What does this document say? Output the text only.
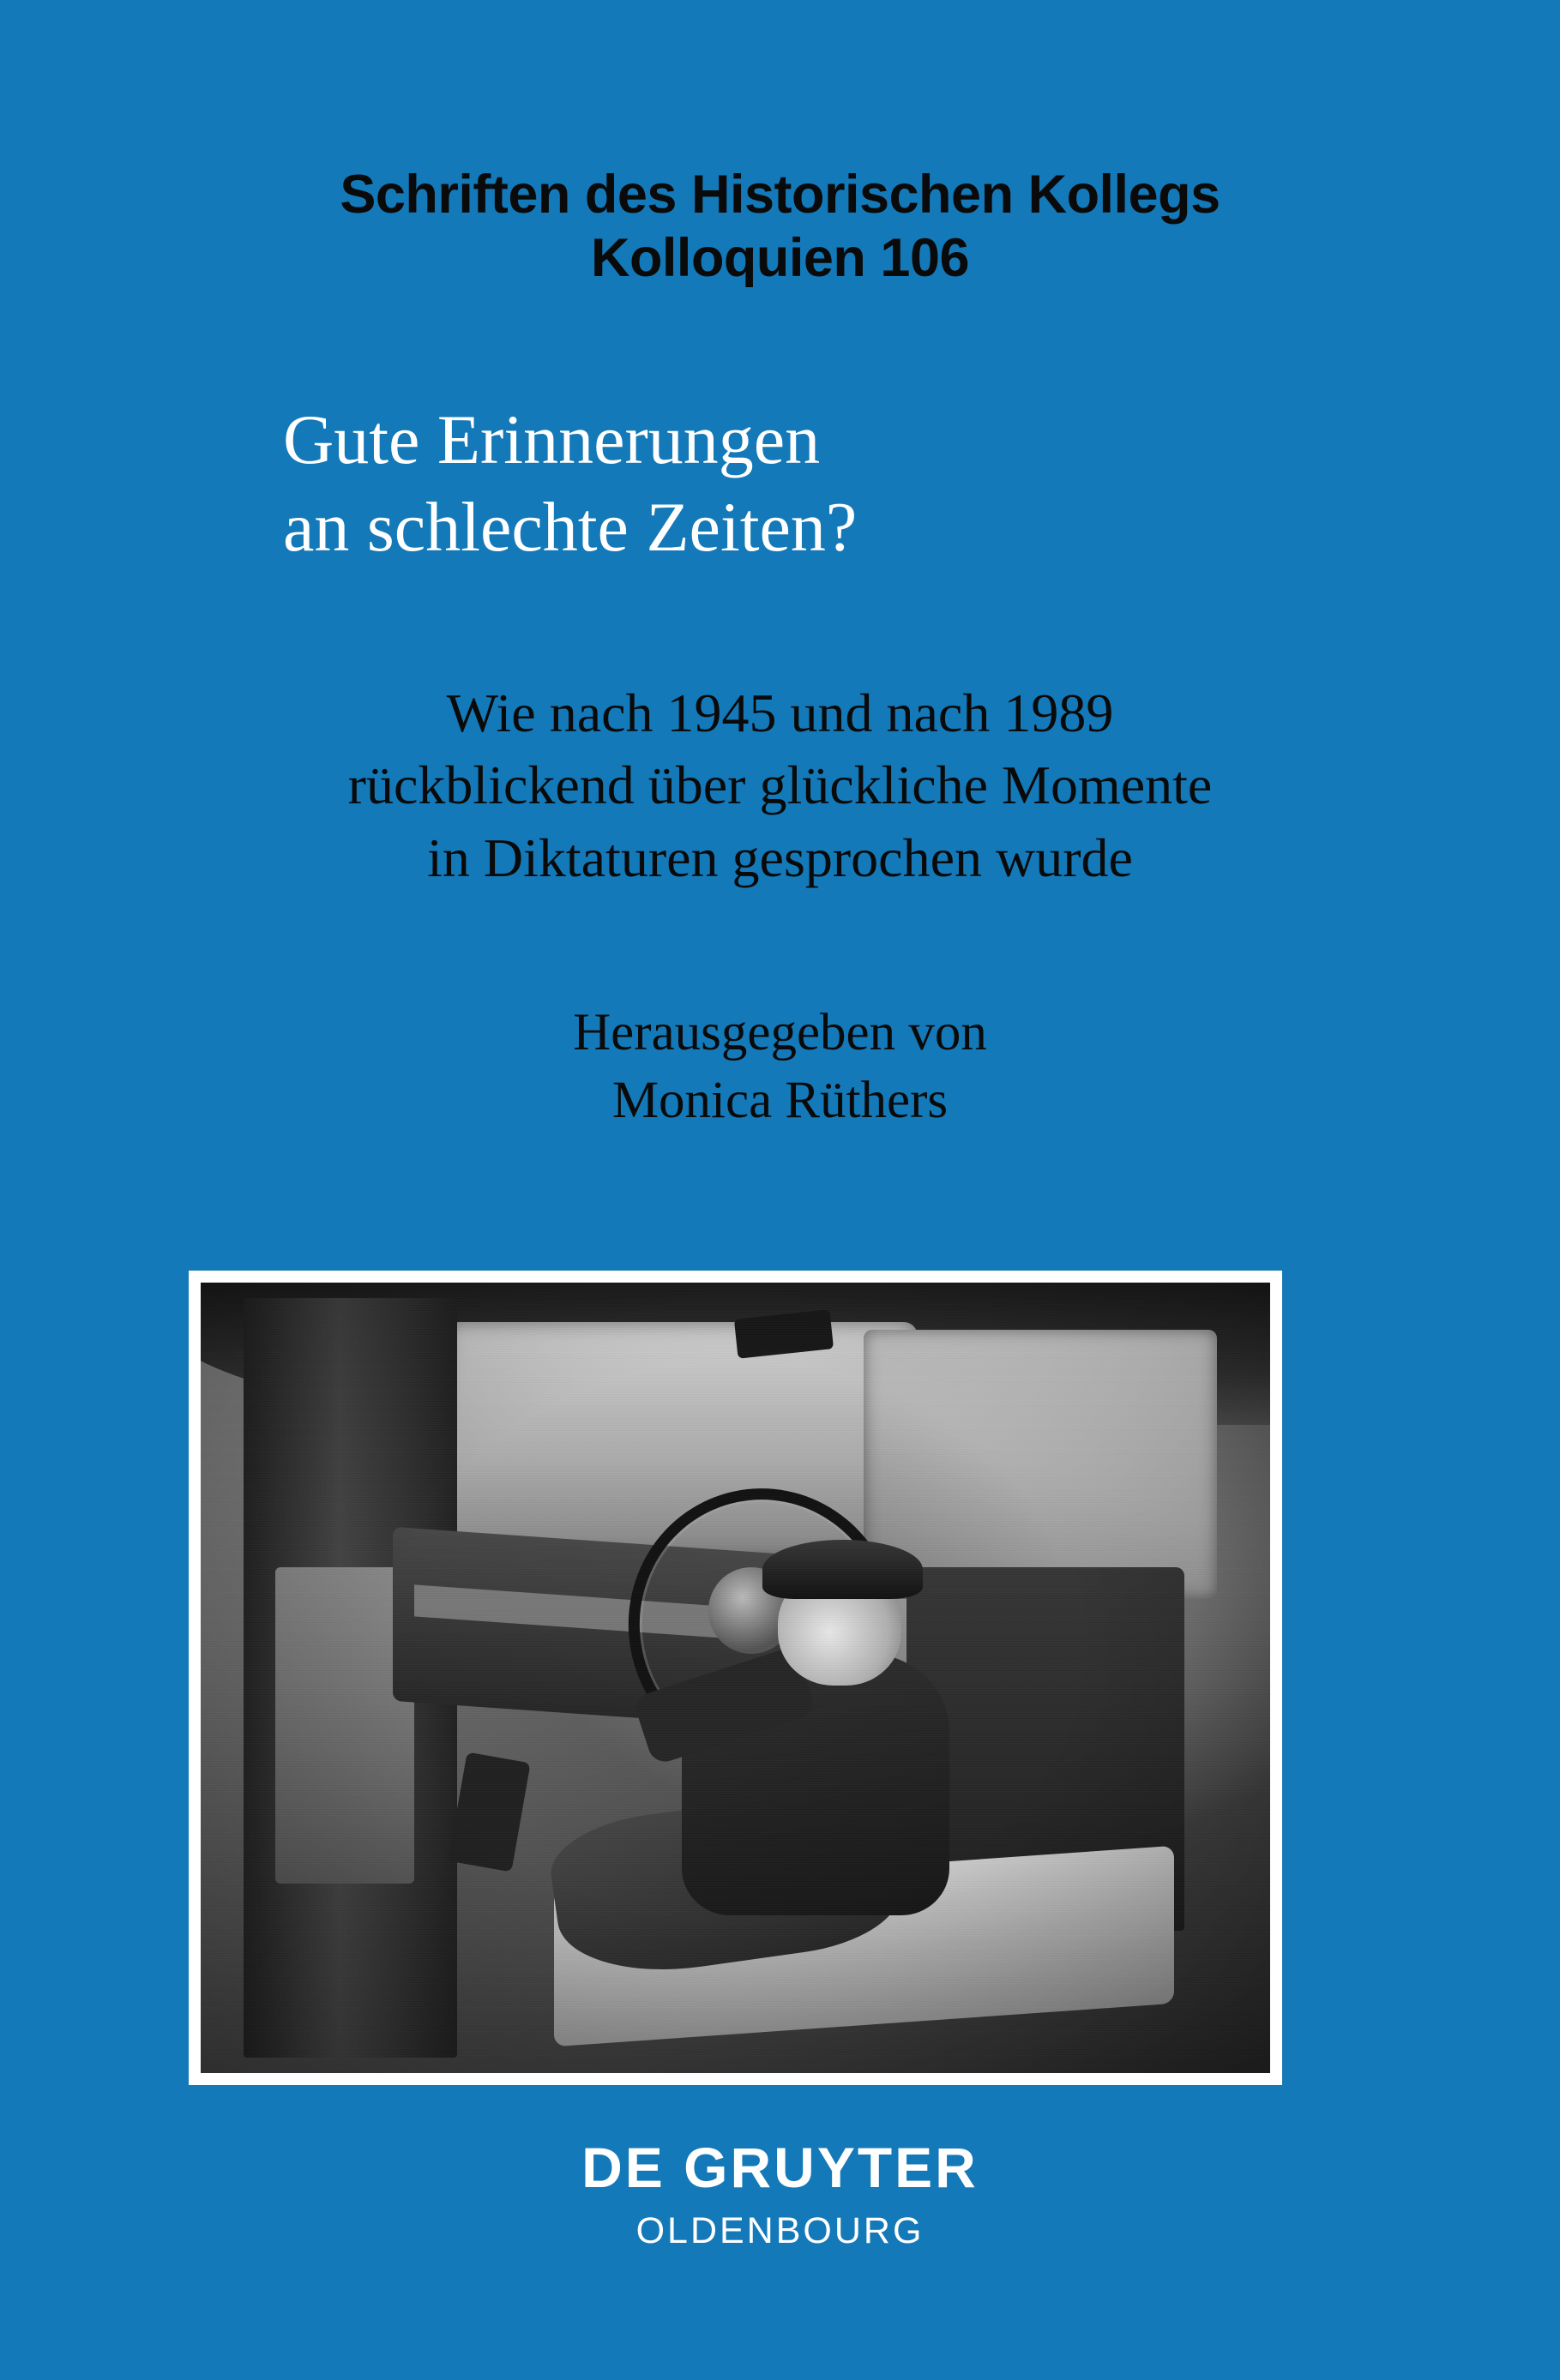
Schriften des Historischen Kollegs
Kolloquien 106
Gute Erinnerungen
an schlechte Zeiten?
Wie nach 1945 und nach 1989
rückblickend über glückliche Momente
in Diktaturen gesprochen wurde
Herausgegeben von
Monica Rüthers
DE GRUYTER
OLDENBOURG
